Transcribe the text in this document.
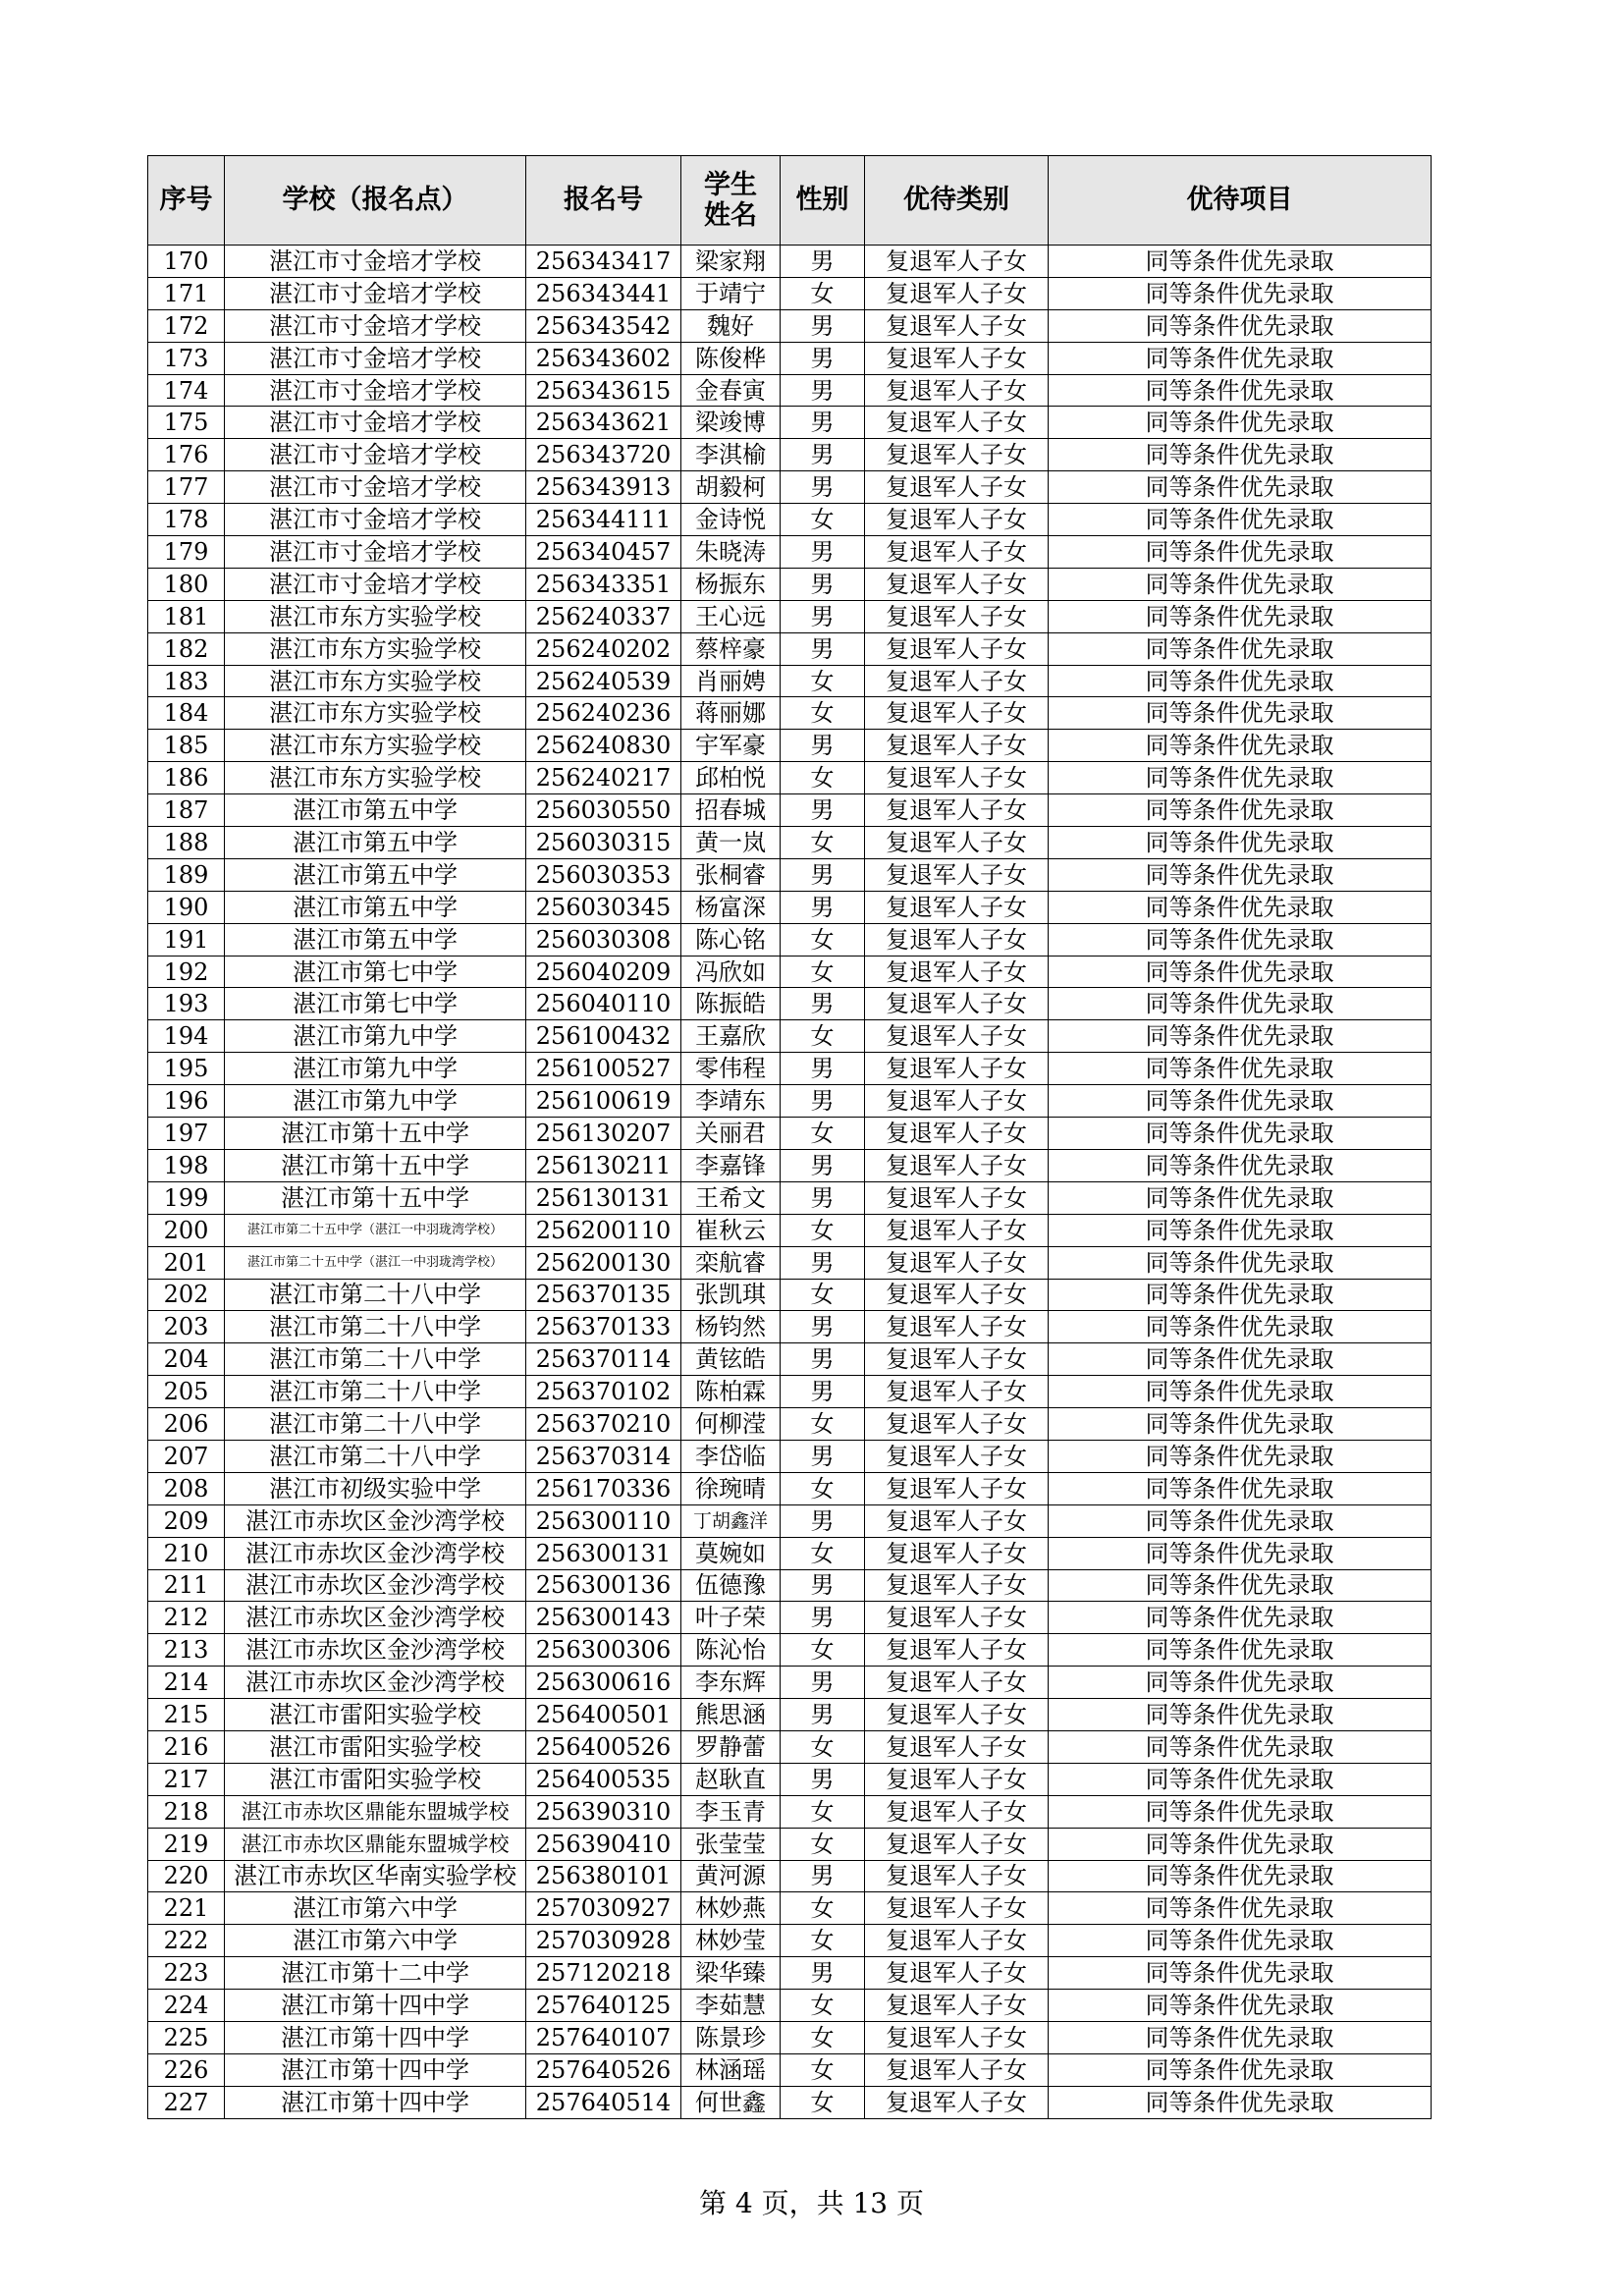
序号	学校（报名点）	报名号	学生姓名	性别	优待类别	优待项目
170	湛江市寸金培才学校	256343417	梁家翔	男	复退军人子女	同等条件优先录取
171	湛江市寸金培才学校	256343441	于靖宁	女	复退军人子女	同等条件优先录取
172	湛江市寸金培才学校	256343542	魏好	男	复退军人子女	同等条件优先录取
173	湛江市寸金培才学校	256343602	陈俊桦	男	复退军人子女	同等条件优先录取
174	湛江市寸金培才学校	256343615	金春寅	男	复退军人子女	同等条件优先录取
175	湛江市寸金培才学校	256343621	梁竣博	男	复退军人子女	同等条件优先录取
176	湛江市寸金培才学校	256343720	李淇榆	男	复退军人子女	同等条件优先录取
177	湛江市寸金培才学校	256343913	胡毅柯	男	复退军人子女	同等条件优先录取
178	湛江市寸金培才学校	256344111	金诗悦	女	复退军人子女	同等条件优先录取
179	湛江市寸金培才学校	256340457	朱晓涛	男	复退军人子女	同等条件优先录取
180	湛江市寸金培才学校	256343351	杨振东	男	复退军人子女	同等条件优先录取
181	湛江市东方实验学校	256240337	王心远	男	复退军人子女	同等条件优先录取
182	湛江市东方实验学校	256240202	蔡梓豪	男	复退军人子女	同等条件优先录取
183	湛江市东方实验学校	256240539	肖丽娉	女	复退军人子女	同等条件优先录取
184	湛江市东方实验学校	256240236	蒋丽娜	女	复退军人子女	同等条件优先录取
185	湛江市东方实验学校	256240830	宇军豪	男	复退军人子女	同等条件优先录取
186	湛江市东方实验学校	256240217	邱柏悦	女	复退军人子女	同等条件优先录取
187	湛江市第五中学	256030550	招春城	男	复退军人子女	同等条件优先录取
188	湛江市第五中学	256030315	黄一岚	女	复退军人子女	同等条件优先录取
189	湛江市第五中学	256030353	张桐睿	男	复退军人子女	同等条件优先录取
190	湛江市第五中学	256030345	杨富深	男	复退军人子女	同等条件优先录取
191	湛江市第五中学	256030308	陈心铭	女	复退军人子女	同等条件优先录取
192	湛江市第七中学	256040209	冯欣如	女	复退军人子女	同等条件优先录取
193	湛江市第七中学	256040110	陈振皓	男	复退军人子女	同等条件优先录取
194	湛江市第九中学	256100432	王嘉欣	女	复退军人子女	同等条件优先录取
195	湛江市第九中学	256100527	零伟程	男	复退军人子女	同等条件优先录取
196	湛江市第九中学	256100619	李靖东	男	复退军人子女	同等条件优先录取
197	湛江市第十五中学	256130207	关丽君	女	复退军人子女	同等条件优先录取
198	湛江市第十五中学	256130211	李嘉锋	男	复退军人子女	同等条件优先录取
199	湛江市第十五中学	256130131	王希文	男	复退军人子女	同等条件优先录取
200	湛江市第二十五中学（湛江一中羽珑湾学校）	256200110	崔秋云	女	复退军人子女	同等条件优先录取
201	湛江市第二十五中学（湛江一中羽珑湾学校）	256200130	栾航睿	男	复退军人子女	同等条件优先录取
202	湛江市第二十八中学	256370135	张凯琪	女	复退军人子女	同等条件优先录取
203	湛江市第二十八中学	256370133	杨钧然	男	复退军人子女	同等条件优先录取
204	湛江市第二十八中学	256370114	黄铉皓	男	复退军人子女	同等条件优先录取
205	湛江市第二十八中学	256370102	陈柏霖	男	复退军人子女	同等条件优先录取
206	湛江市第二十八中学	256370210	何柳滢	女	复退军人子女	同等条件优先录取
207	湛江市第二十八中学	256370314	李岱临	男	复退军人子女	同等条件优先录取
208	湛江市初级实验中学	256170336	徐琬晴	女	复退军人子女	同等条件优先录取
209	湛江市赤坎区金沙湾学校	256300110	丁胡鑫洋	男	复退军人子女	同等条件优先录取
210	湛江市赤坎区金沙湾学校	256300131	莫婉如	女	复退军人子女	同等条件优先录取
211	湛江市赤坎区金沙湾学校	256300136	伍德豫	男	复退军人子女	同等条件优先录取
212	湛江市赤坎区金沙湾学校	256300143	叶子荣	男	复退军人子女	同等条件优先录取
213	湛江市赤坎区金沙湾学校	256300306	陈沁怡	女	复退军人子女	同等条件优先录取
214	湛江市赤坎区金沙湾学校	256300616	李东辉	男	复退军人子女	同等条件优先录取
215	湛江市雷阳实验学校	256400501	熊思涵	男	复退军人子女	同等条件优先录取
216	湛江市雷阳实验学校	256400526	罗静蕾	女	复退军人子女	同等条件优先录取
217	湛江市雷阳实验学校	256400535	赵耿直	男	复退军人子女	同等条件优先录取
218	湛江市赤坎区鼎能东盟城学校	256390310	李玉青	女	复退军人子女	同等条件优先录取
219	湛江市赤坎区鼎能东盟城学校	256390410	张莹莹	女	复退军人子女	同等条件优先录取
220	湛江市赤坎区华南实验学校	256380101	黄河源	男	复退军人子女	同等条件优先录取
221	湛江市第六中学	257030927	林妙燕	女	复退军人子女	同等条件优先录取
222	湛江市第六中学	257030928	林妙莹	女	复退军人子女	同等条件优先录取
223	湛江市第十二中学	257120218	梁华臻	男	复退军人子女	同等条件优先录取
224	湛江市第十四中学	257640125	李茹慧	女	复退军人子女	同等条件优先录取
225	湛江市第十四中学	257640107	陈景珍	女	复退军人子女	同等条件优先录取
226	湛江市第十四中学	257640526	林涵瑶	女	复退军人子女	同等条件优先录取
227	湛江市第十四中学	257640514	何世鑫	女	复退军人子女	同等条件优先录取
第 4 页，共 13 页
